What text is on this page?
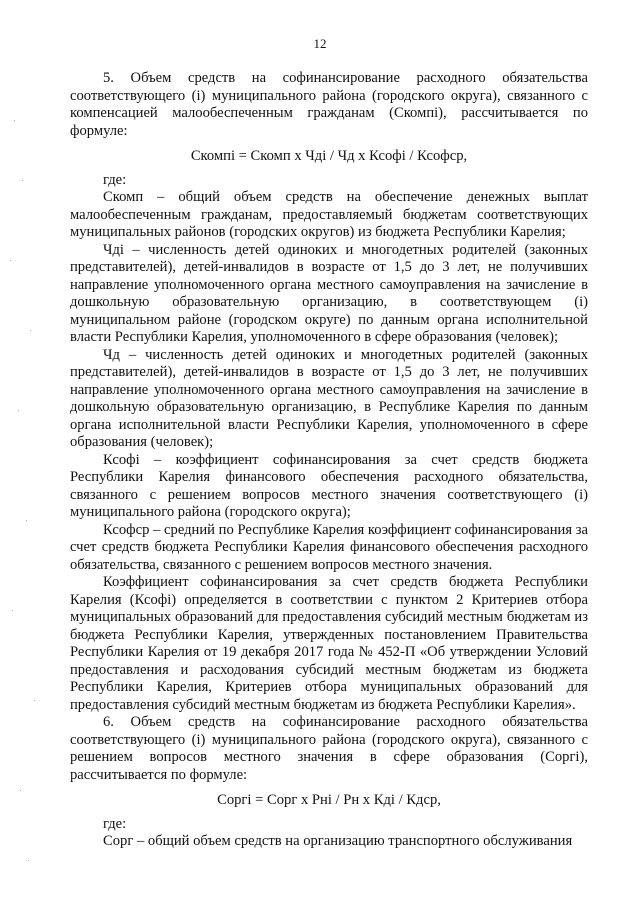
12

5. Объем средств на софинансирование расходного обязательства соответствующего (i) муниципального района (городского округа), связанного с компенсацией малообеспеченным гражданам (Скомпi), рассчитывается по формуле:

Скомпi = Скомп x Чдi / Чд x Ксофi / Ксофср,

где:

Скомп – общий объем средств на обеспечение денежных выплат малообеспеченным гражданам, предоставляемый бюджетам соответствующих муниципальных районов (городских округов) из бюджета Республики Карелия;

Чдi – численность детей одиноких и многодетных родителей (законных представителей), детей-инвалидов в возрасте от 1,5 до 3 лет, не получивших направление уполномоченного органа местного самоуправления на зачисление в дошкольную образовательную организацию, в соответствующем (i) муниципальном районе (городском округе) по данным органа исполнительной власти Республики Карелия, уполномоченного в сфере образования (человек);

Чд – численность детей одиноких и многодетных родителей (законных представителей), детей-инвалидов в возрасте от 1,5 до 3 лет, не получивших направление уполномоченного органа местного самоуправления на зачисление в дошкольную образовательную организацию, в Республике Карелия по данным органа исполнительной власти Республики Карелия, уполномоченного в сфере образования (человек);

Ксофi – коэффициент софинансирования за счет средств бюджета Республики Карелия финансового обеспечения расходного обязательства, связанного с решением вопросов местного значения соответствующего (i) муниципального района (городского округа);

Ксофср – средний по Республике Карелия коэффициент софинансирования за счет средств бюджета Республики Карелия финансового обеспечения расходного обязательства, связанного с решением вопросов местного значения.

Коэффициент софинансирования за счет средств бюджета Республики Карелия (Ксофi) определяется в соответствии с пунктом 2 Критериев отбора муниципальных образований для предоставления субсидий местным бюджетам из бюджета Республики Карелия, утвержденных постановлением Правительства Республики Карелия от 19 декабря 2017 года № 452-П «Об утверждении Условий предоставления и расходования субсидий местным бюджетам из бюджета Республики Карелия, Критериев отбора муниципальных образований для предоставления субсидий местным бюджетам из бюджета Республики Карелия».

6. Объем средств на софинансирование расходного обязательства соответствующего (i) муниципального района (городского округа), связанного с решением вопросов местного значения в сфере образования (Соргi), рассчитывается по формуле:

Соргi = Сорг x Рнi / Рн x Кдi / Кдср,

где:

Сорг – общий объем средств на организацию транспортного обслуживания
